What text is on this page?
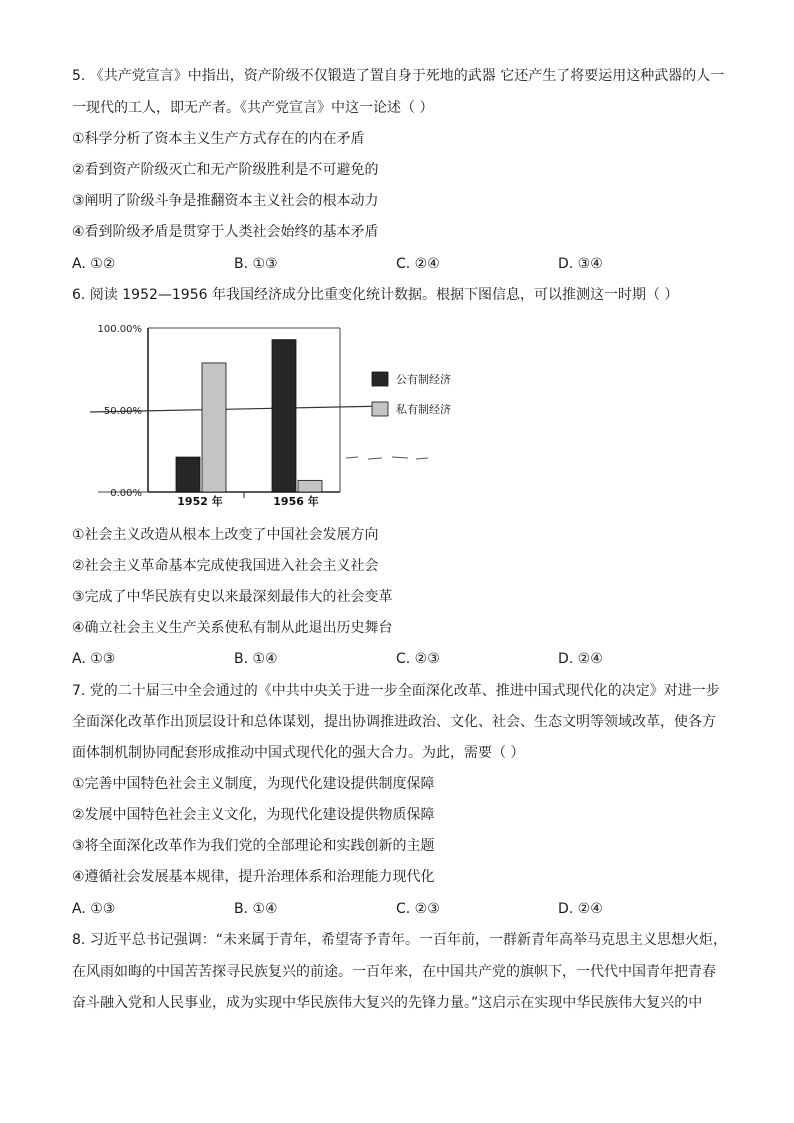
5. 《共产党宣言》中指出，资产阶级不仅锻造了置自身于死地的武器 它还产生了将要运用这种武器的人一
一现代的工人，即无产者。《共产党宣言》中这一论述（ ）
①科学分析了资本主义生产方式存在的内在矛盾
②看到资产阶级灭亡和无产阶级胜利是不可避免的
③阐明了阶级斗争是推翻资本主义社会的根本动力
④看到阶级矛盾是贯穿于人类社会始终的基本矛盾
A. ①②	B. ①③	C. ②④	D. ③④
6. 阅读 1952—1956 年我国经济成分比重变化统计数据。根据下图信息，可以推测这一时期（ ）
100.00%
50.00%
0.00%
1952 年	1956 年
公有制经济
私有制经济
①社会主义改造从根本上改变了中国社会发展方向
②社会主义革命基本完成使我国进入社会主义社会
③完成了中华民族有史以来最深刻最伟大的社会变革
④确立社会主义生产关系使私有制从此退出历史舞台
A. ①③	B. ①④	C. ②③	D. ②④
7. 党的二十届三中全会通过的《中共中央关于进一步全面深化改革、推进中国式现代化的决定》对进一步
全面深化改革作出顶层设计和总体谋划，提出协调推进政治、文化、社会、生态文明等领域改革，使各方
面体制机制协同配套形成推动中国式现代化的强大合力。为此，需要（ ）
①完善中国特色社会主义制度，为现代化建设提供制度保障
②发展中国特色社会主义文化，为现代化建设提供物质保障
③将全面深化改革作为我们党的全部理论和实践创新的主题
④遵循社会发展基本规律，提升治理体系和治理能力现代化
A. ①③	B. ①④	C. ②③	D. ②④
8. 习近平总书记强调：“未来属于青年，希望寄予青年。一百年前，一群新青年高举马克思主义思想火炬，
在风雨如晦的中国苦苦探寻民族复兴的前途。一百年来，在中国共产党的旗帜下，一代代中国青年把青春
奋斗融入党和人民事业，成为实现中华民族伟大复兴的先锋力量。”这启示在实现中华民族伟大复兴的中
